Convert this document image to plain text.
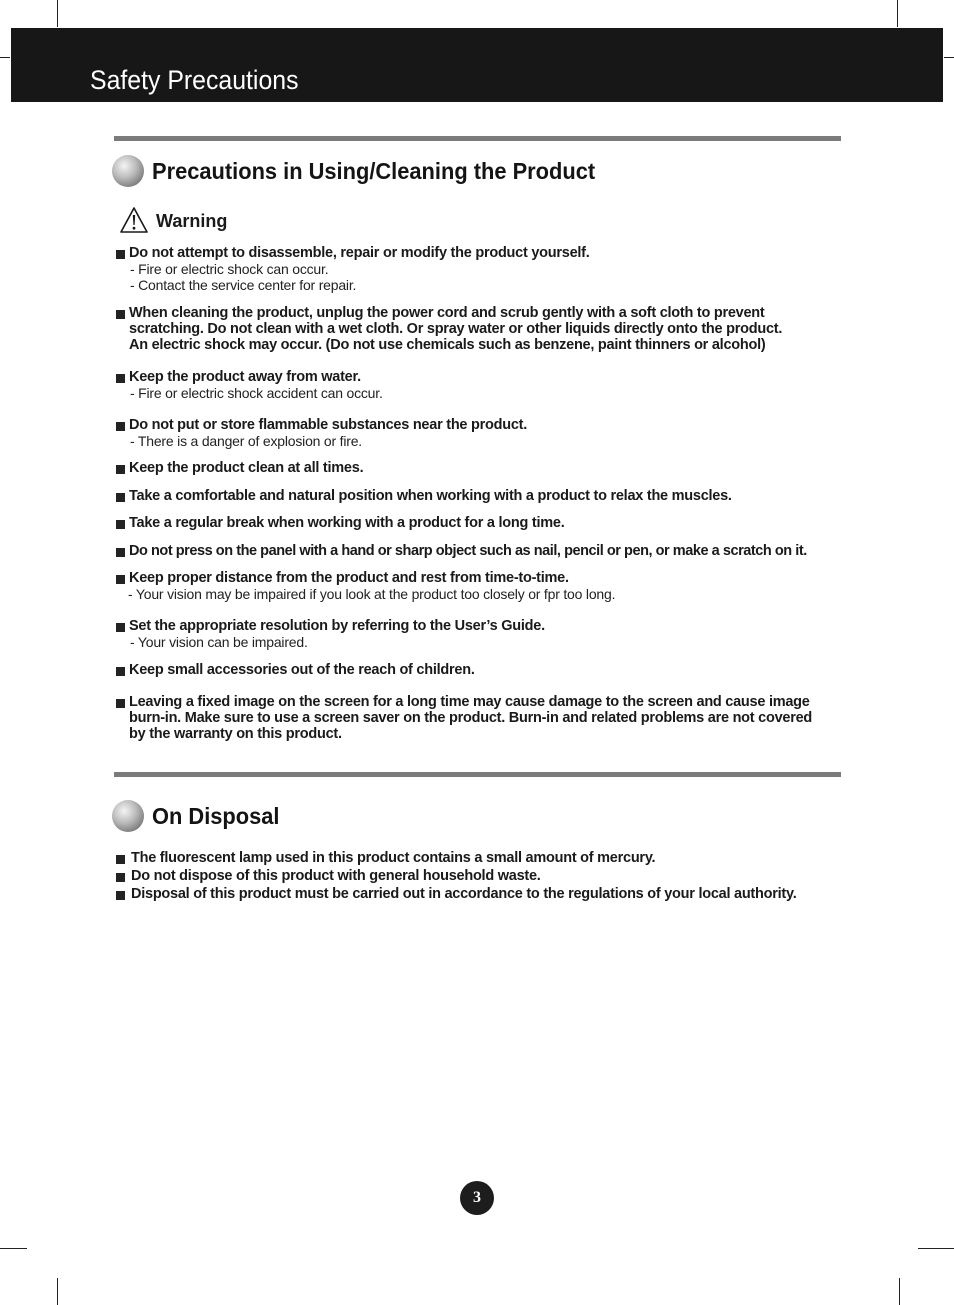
Safety Precautions
Precautions in Using/Cleaning the Product
Warning
Do not attempt to disassemble, repair or modify the product yourself.
- Fire or electric shock can occur.
- Contact the service center for repair.
When cleaning the product, unplug the power cord and scrub gently with a soft cloth to prevent
scratching. Do not clean with a wet cloth. Or spray water or other liquids directly onto the product.
An electric shock may occur. (Do not use chemicals such as benzene, paint thinners or alcohol)
Keep the product away from water.
- Fire or electric shock accident can occur.
Do not put or store flammable substances near the product.
- There is a danger of explosion or fire.
Keep the product clean at all times.
Take a comfortable and natural position when working with a product to relax the muscles.
Take a regular break when working with a product for a long time.
Do not press on the panel with a hand or sharp object such as nail, pencil or pen, or make a scratch on it.
Keep proper distance from the product and rest from time-to-time.
- Your vision may be impaired if you look at the product too closely or fpr too long.
Set the appropriate resolution by referring to the User’s Guide.
- Your vision can be impaired.
Keep small accessories out of the reach of children.
Leaving a fixed image on the screen for a long time may cause damage to the screen and cause image
burn-in. Make sure to use a screen saver on the product. Burn-in and related problems are not covered
by the warranty on this product.
On Disposal
The fluorescent lamp used in this product contains a small amount of mercury.
Do not dispose of this product with general household waste.
Disposal of this product must be carried out in accordance to the regulations of your local authority.
3
